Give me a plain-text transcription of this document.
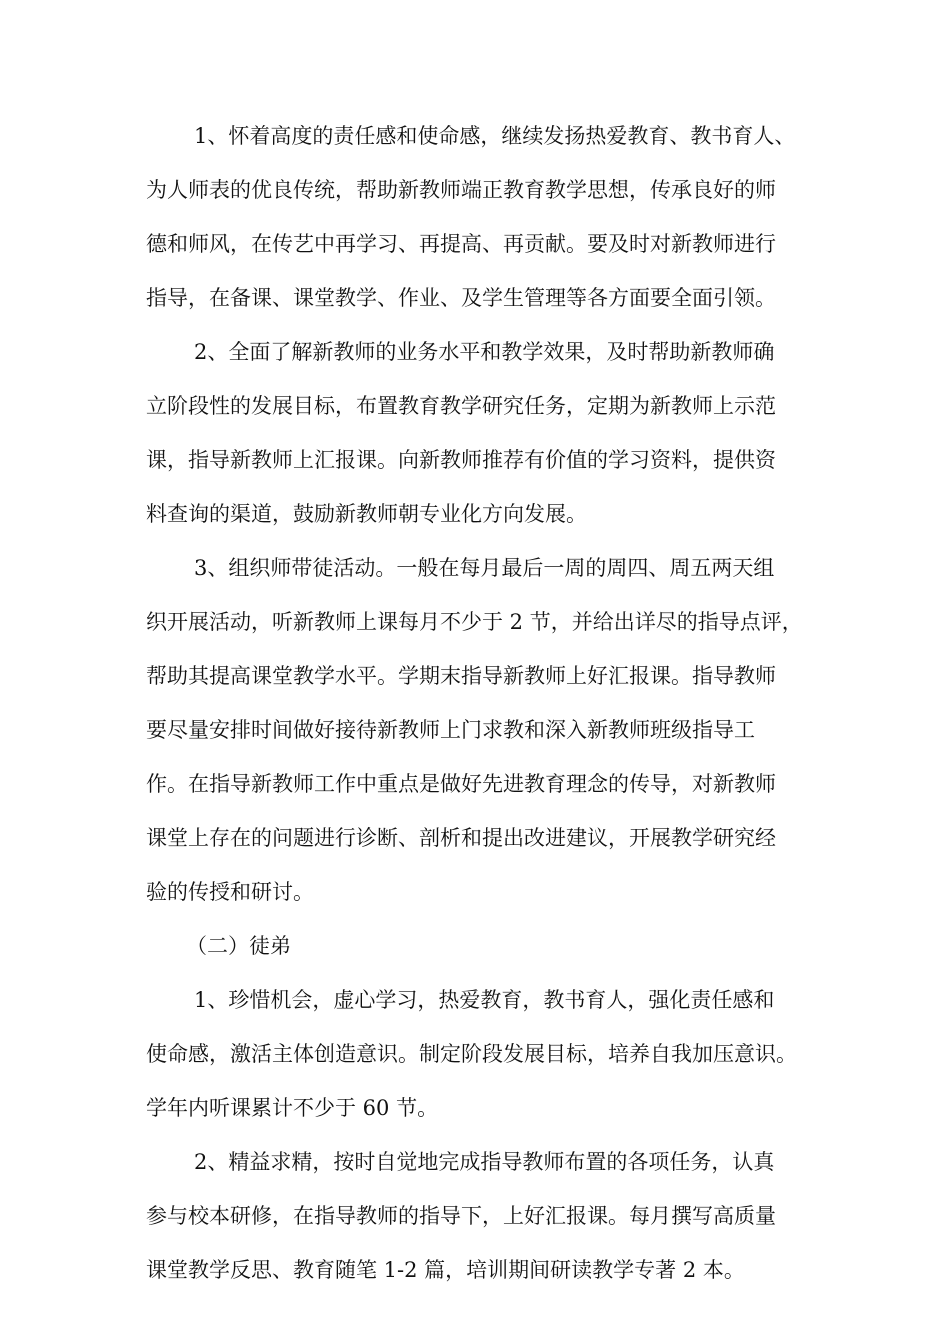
1、怀着高度的责任感和使命感，继续发扬热爱教育、教书育人、
为人师表的优良传统，帮助新教师端正教育教学思想，传承良好的师
德和师风，在传艺中再学习、再提高、再贡献。要及时对新教师进行
指导，在备课、课堂教学、作业、及学生管理等各方面要全面引领。
2、全面了解新教师的业务水平和教学效果，及时帮助新教师确
立阶段性的发展目标，布置教育教学研究任务，定期为新教师上示范
课，指导新教师上汇报课。向新教师推荐有价值的学习资料，提供资
料查询的渠道，鼓励新教师朝专业化方向发展。
3、组织师带徒活动。一般在每月最后一周的周四、周五两天组
织开展活动，听新教师上课每月不少于 2 节，并给出详尽的指导点评，
帮助其提高课堂教学水平。学期末指导新教师上好汇报课。指导教师
要尽量安排时间做好接待新教师上门求教和深入新教师班级指导工
作。在指导新教师工作中重点是做好先进教育理念的传导，对新教师
课堂上存在的问题进行诊断、剖析和提出改进建议，开展教学研究经
验的传授和研讨。
（二）徒弟
1、珍惜机会，虚心学习，热爱教育，教书育人，强化责任感和
使命感，激活主体创造意识。制定阶段发展目标，培养自我加压意识。
学年内听课累计不少于 60 节。
2、精益求精，按时自觉地完成指导教师布置的各项任务，认真
参与校本研修，在指导教师的指导下，上好汇报课。每月撰写高质量
课堂教学反思、教育随笔 1-2 篇，培训期间研读教学专著 2 本。
